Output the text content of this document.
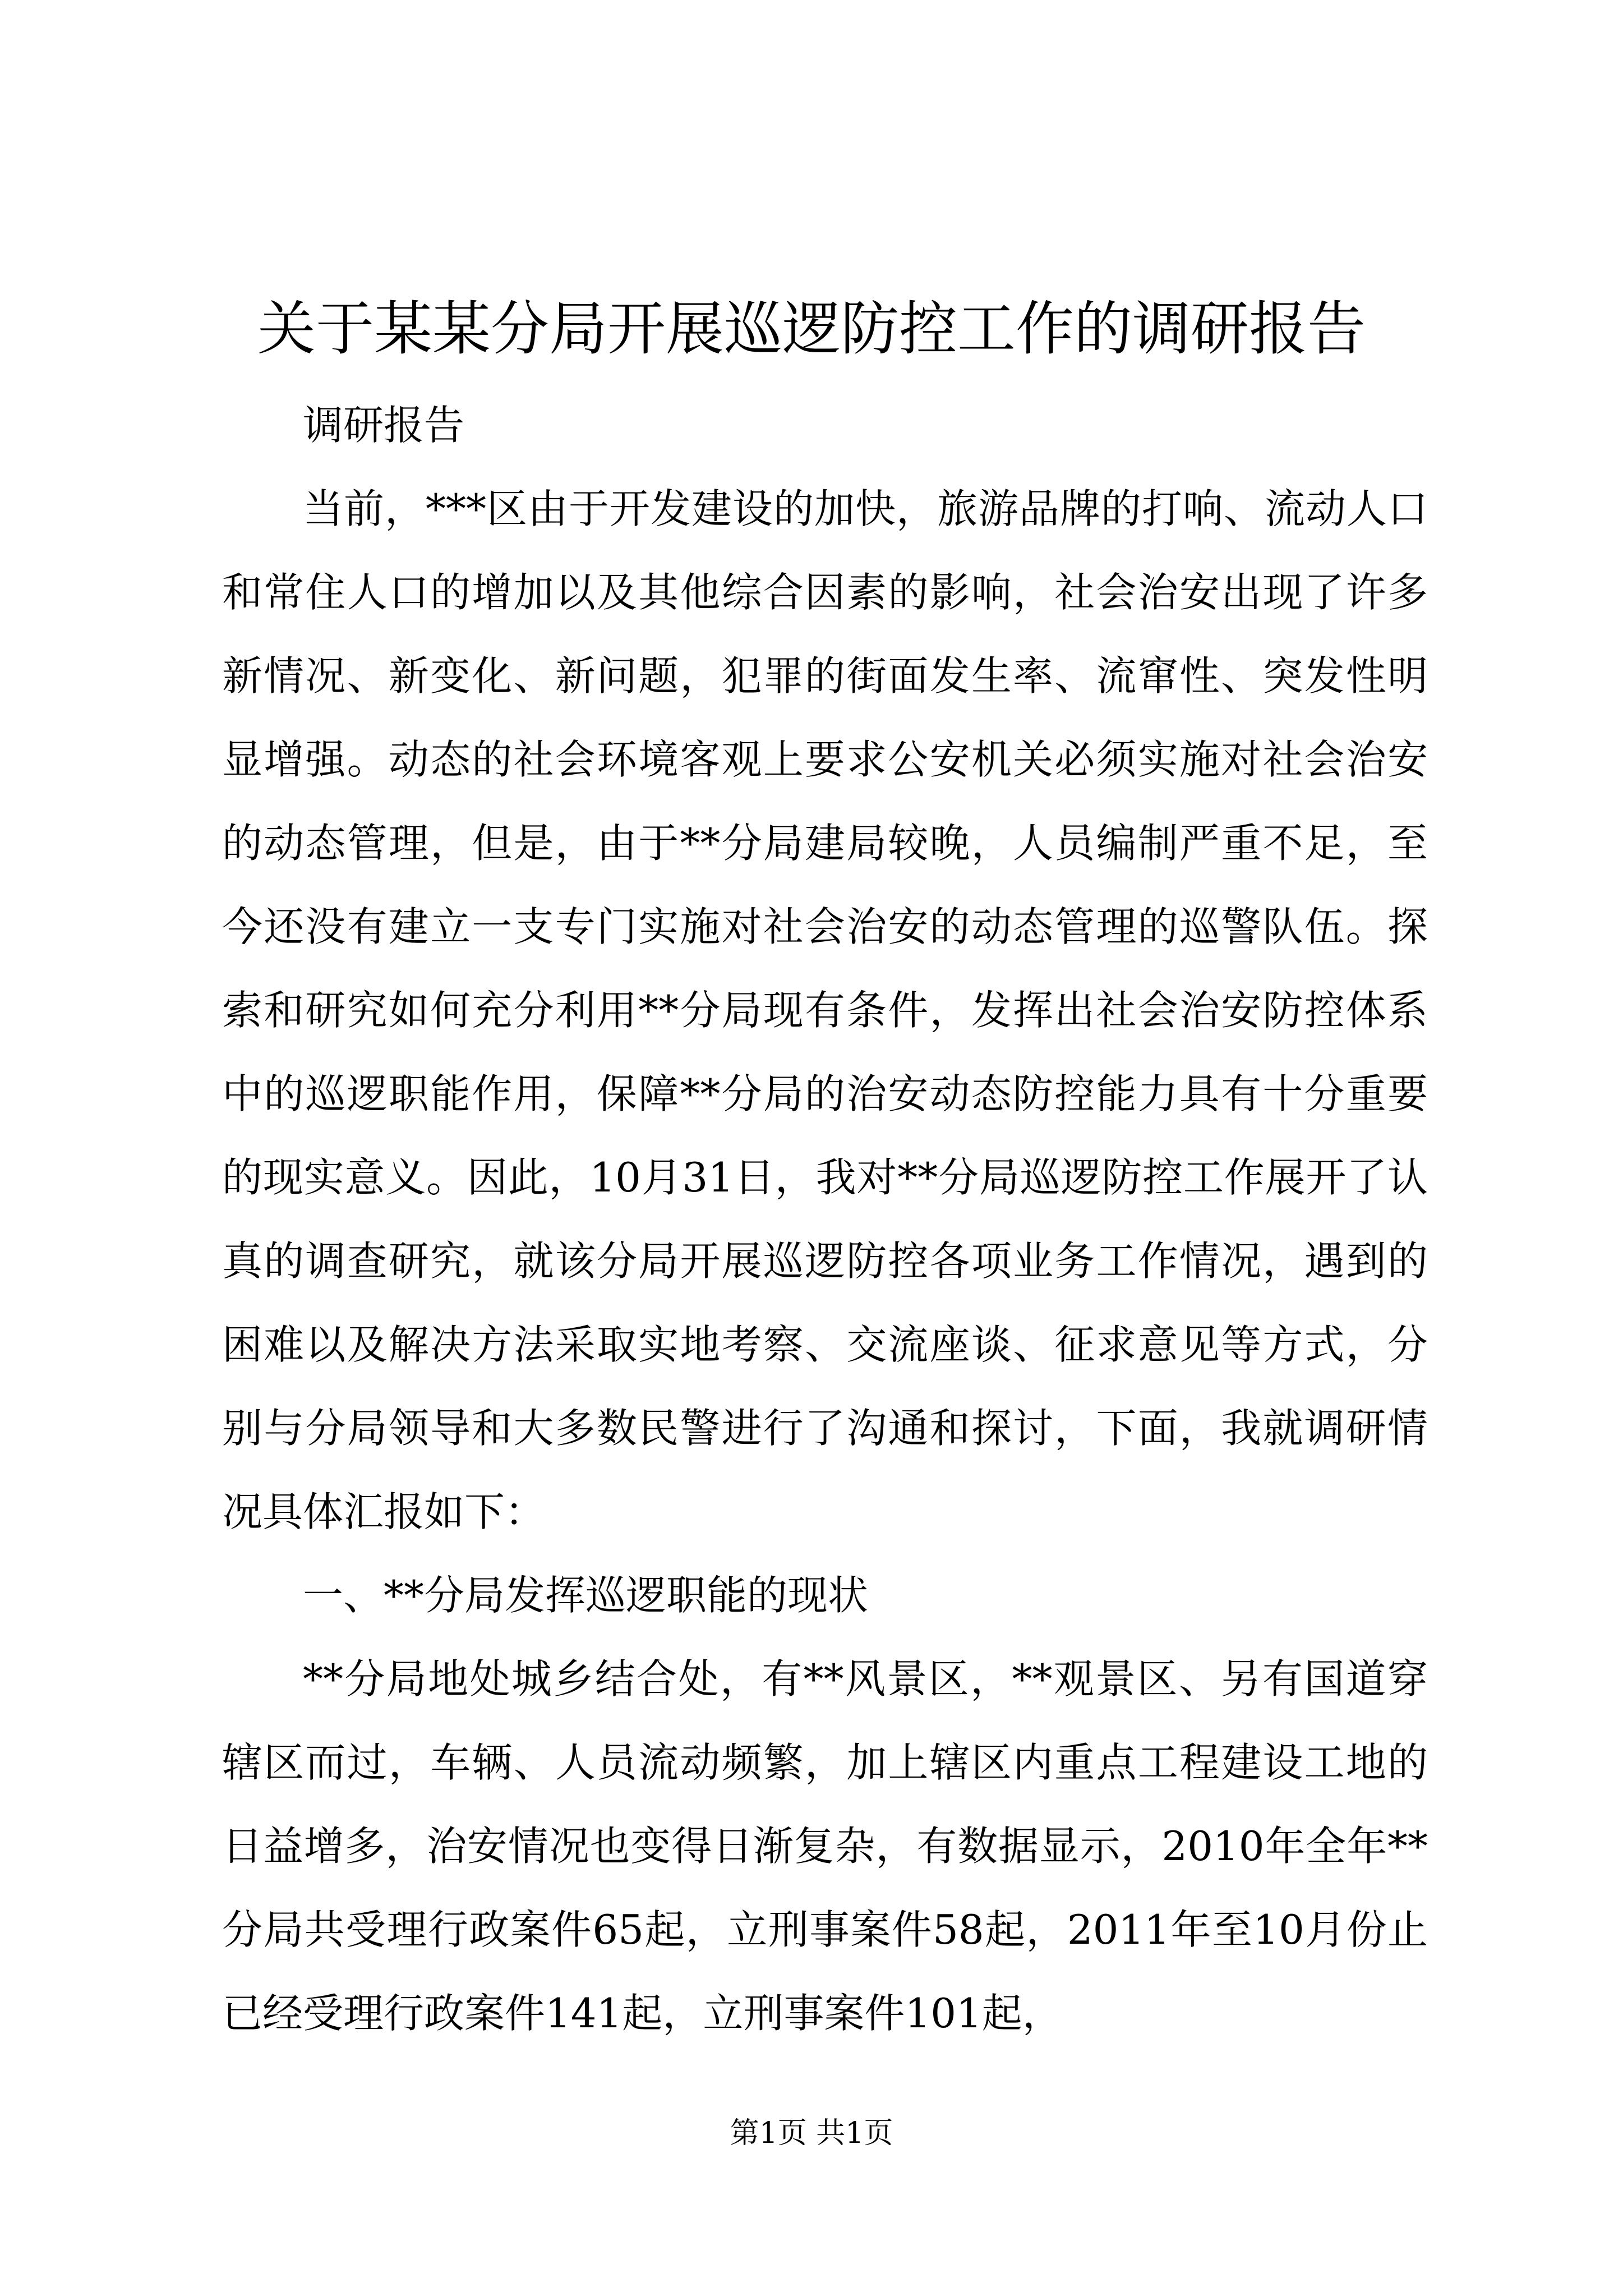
关于某某分局开展巡逻防控工作的调研报告

调研报告

当前，***区由于开发建设的加快，旅游品牌的打响、流动人口和常住人口的增加以及其他综合因素的影响，社会治安出现了许多新情况、新变化、新问题，犯罪的街面发生率、流窜性、突发性明显增强。动态的社会环境客观上要求公安机关必须实施对社会治安的动态管理，但是，由于**分局建局较晚，人员编制严重不足，至今还没有建立一支专门实施对社会治安的动态管理的巡警队伍。探索和研究如何充分利用**分局现有条件，发挥出社会治安防控体系中的巡逻职能作用，保障**分局的治安动态防控能力具有十分重要的现实意义。因此，10月31日，我对**分局巡逻防控工作展开了认真的调查研究，就该分局开展巡逻防控各项业务工作情况，遇到的困难以及解决方法采取实地考察、交流座谈、征求意见等方式，分别与分局领导和大多数民警进行了沟通和探讨，下面，我就调研情况具体汇报如下：

一、**分局发挥巡逻职能的现状

**分局地处城乡结合处，有**风景区，**观景区、另有国道穿辖区而过，车辆、人员流动频繁，加上辖区内重点工程建设工地的日益增多，治安情况也变得日渐复杂，有数据显示，2010年全年**分局共受理行政案件65起，立刑事案件58起，2011年至10月份止已经受理行政案件141起，立刑事案件101起，

第1页 共1页
